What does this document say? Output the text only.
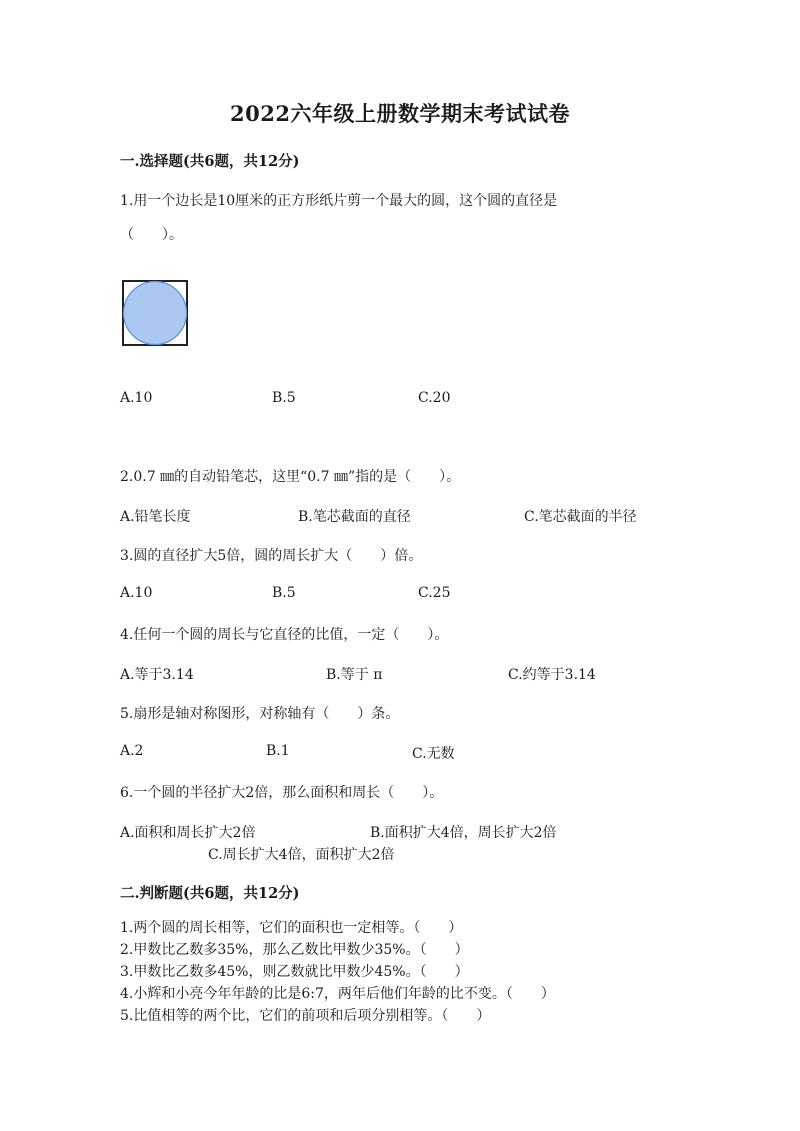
2022六年级上册数学期末考试试卷
一.选择题(共6题，共12分)
1.用一个边长是10厘米的正方形纸片剪一个最大的圆，这个圆的直径是
（　　）。
A.10	B.5	C.20
2.0.7 ㎜的自动铅笔芯，这里“0.7 ㎜”指的是（　　）。
A.铅笔长度	B.笔芯截面的直径	C.笔芯截面的半径
3.圆的直径扩大5倍，圆的周长扩大（　　）倍。
A.10	B.5	C.25
4.任何一个圆的周长与它直径的比值，一定（　　）。
A.等于3.14	B.等于 π	C.约等于3.14
5.扇形是轴对称图形，对称轴有（　　）条。
A.2	B.1	C.无数
6.一个圆的半径扩大2倍，那么面积和周长（　　）。
A.面积和周长扩大2倍	B.面积扩大4倍，周长扩大2倍
C.周长扩大4倍，面积扩大2倍
二.判断题(共6题，共12分)
1.两个圆的周长相等，它们的面积也一定相等。（　　）
2.甲数比乙数多35%，那么乙数比甲数少35%。（　　）
3.甲数比乙数多45%，则乙数就比甲数少45%。（　　）
4.小辉和小亮今年年龄的比是6:7，两年后他们年龄的比不变。（　　）
5.比值相等的两个比，它们的前项和后项分别相等。（　　）
